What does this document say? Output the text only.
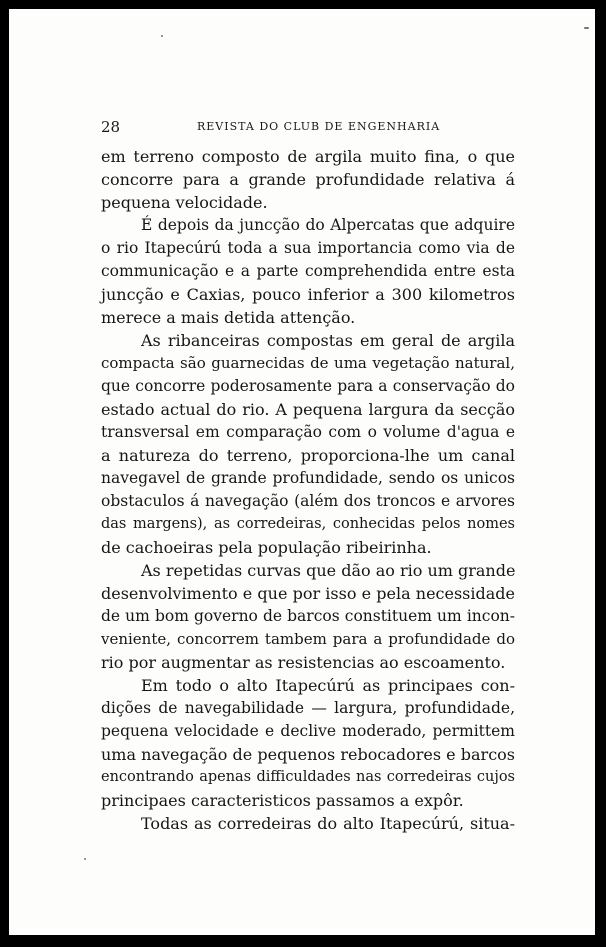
28	REVISTA DO CLUB DE ENGENHARIA
em terreno composto de argila muito fina, o que
concorre para a grande profundidade relativa á
pequena velocidade.
É depois da juncção do Alpercatas que adquire
o rio Itapecúrú toda a sua importancia como via de
communicação e a parte comprehendida entre esta
juncção e Caxias, pouco inferior a 300 kilometros
merece a mais detida attenção.
As ribanceiras compostas em geral de argila
compacta são guarnecidas de uma vegetação natural,
que concorre poderosamente para a conservação do
estado actual do rio. A pequena largura da secção
transversal em comparação com o volume d'agua e
a natureza do terreno, proporciona-lhe um canal
navegavel de grande profundidade, sendo os unicos
obstaculos á navegação (além dos troncos e arvores
das margens), as corredeiras, conhecidas pelos nomes
de cachoeiras pela população ribeirinha.
As repetidas curvas que dão ao rio um grande
desenvolvimento e que por isso e pela necessidade
de um bom governo de barcos constituem um incon-
veniente, concorrem tambem para a profundidade do
rio por augmentar as resistencias ao escoamento.
Em todo o alto Itapecúrú as principaes con-
dições de navegabilidade — largura, profundidade,
pequena velocidade e declive moderado, permittem
uma navegação de pequenos rebocadores e barcos
encontrando apenas difficuldades nas corredeiras cujos
principaes caracteristicos passamos a expôr.
Todas as corredeiras do alto Itapecúrú, situa-
